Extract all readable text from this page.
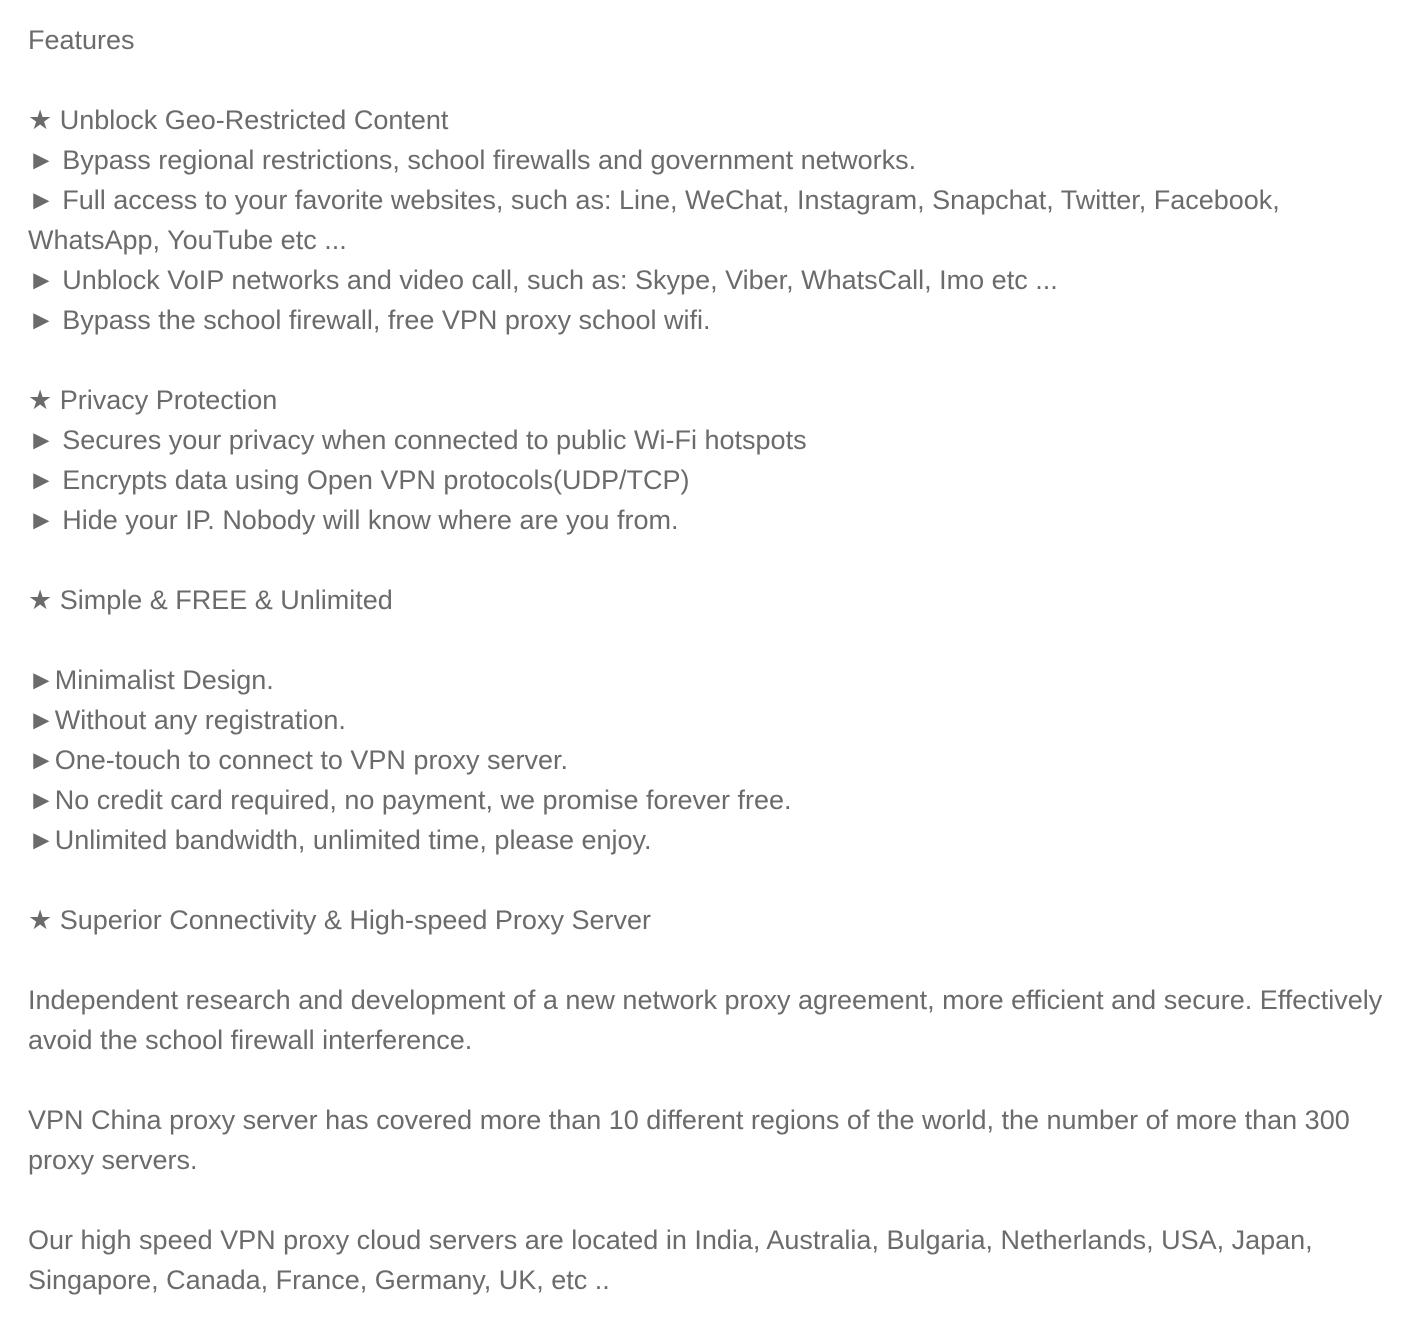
Features
★ Unblock Geo-Restricted Content
► Bypass regional restrictions, school firewalls and government networks.
► Full access to your favorite websites, such as: Line, WeChat, Instagram, Snapchat, Twitter, Facebook, WhatsApp, YouTube etc ...
► Unblock VoIP networks and video call, such as: Skype, Viber, WhatsCall, Imo etc ...
► Bypass the school firewall, free VPN proxy school wifi.
★ Privacy Protection
► Secures your privacy when connected to public Wi-Fi hotspots
► Encrypts data using Open VPN protocols(UDP/TCP)
► Hide your IP. Nobody will know where are you from.
★ Simple & FREE & Unlimited
►Minimalist Design.
►Without any registration.
►One-touch to connect to VPN proxy server.
►No credit card required, no payment, we promise forever free.
►Unlimited bandwidth, unlimited time, please enjoy.
★ Superior Connectivity & High-speed Proxy Server
Independent research and development of a new network proxy agreement, more efficient and secure. Effectively avoid the school firewall interference.
VPN China proxy server has covered more than 10 different regions of the world, the number of more than 300 proxy servers.
Our high speed VPN proxy cloud servers are located in India, Australia, Bulgaria, Netherlands, USA, Japan, Singapore, Canada, France, Germany, UK, etc ..
